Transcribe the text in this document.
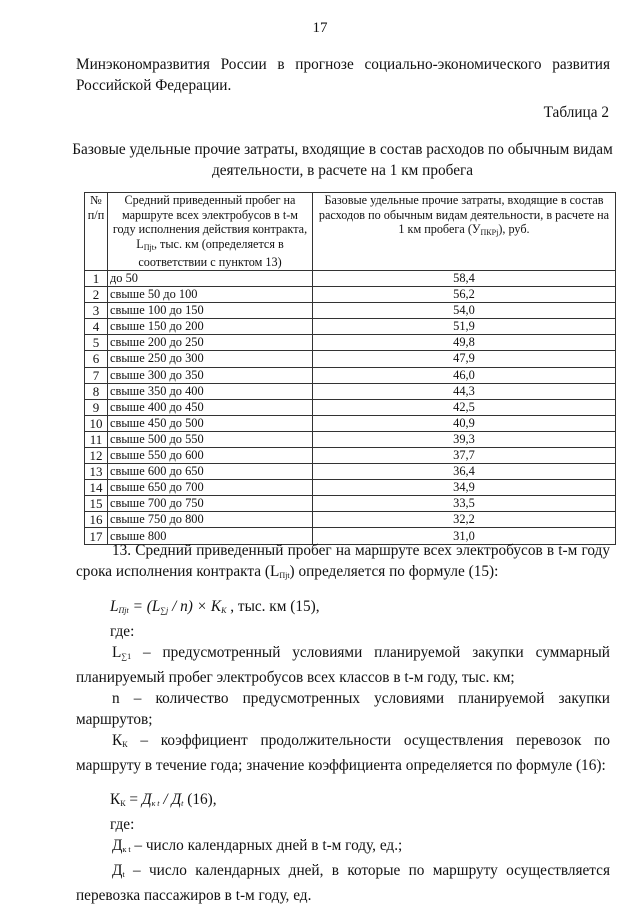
17
Минэкономразвития России в прогнозе социально-экономического развития
Российской Федерации.
Таблица 2
Базовые удельные прочие затраты, входящие в состав расходов по обычным видам
деятельности, в расчете на 1 км пробега
№
п/п	Средний приведенный пробег на маршруте всех электробусов в t-м году исполнения действия контракта, $L_{Пjt}$, тыс. км (определяется в соответствии с пунктом 13)	Базовые удельные прочие затраты, входящие в состав расходов по обычным видам деятельности, в расчете на 1 км пробега $(У_{ПКРj})$, руб.
1	до 50	58,4
2	свыше 50 до 100	56,2
3	свыше 100 до 150	54,0
4	свыше 150 до 200	51,9
5	свыше 200 до 250	49,8
6	свыше 250 до 300	47,9
7	свыше 300 до 350	46,0
8	свыше 350 до 400	44,3
9	свыше 400 до 450	42,5
10	свыше 450 до 500	40,9
11	свыше 500 до 550	39,3
12	свыше 550 до 600	37,7
13	свыше 600 до 650	36,4
14	свыше 650 до 700	34,9
15	свыше 700 до 750	33,5
16	свыше 750 до 800	32,2
17	свыше 800	31,0
13. Средний приведенный пробег на маршруте всех электробусов в t-м году срока исполнения контракта $(L_{Пjt})$ определяется по формуле (15):
$L_{Пjt} = (L_{\sum j} / n) \times K_K$ , тыс. км (15),
где:
$L_{\sum 1}$ – предусмотренный условиями планируемой закупки суммарный планируемый пробег электробусов всех классов в t-м году, тыс. км;
n – количество предусмотренных условиями планируемой закупки маршрутов;
$К_К$ – коэффициент продолжительности осуществления перевозок по маршруту в течение года; значение коэффициента определяется по формуле (16):
$К_К = Д_{к t} / Д_t$ (16),
где:
$Д_{к t}$ – число календарных дней в t-м году, ед.;
$Д_t$ – число календарных дней, в которые по маршруту осуществляется перевозка пассажиров в t-м году, ед.
